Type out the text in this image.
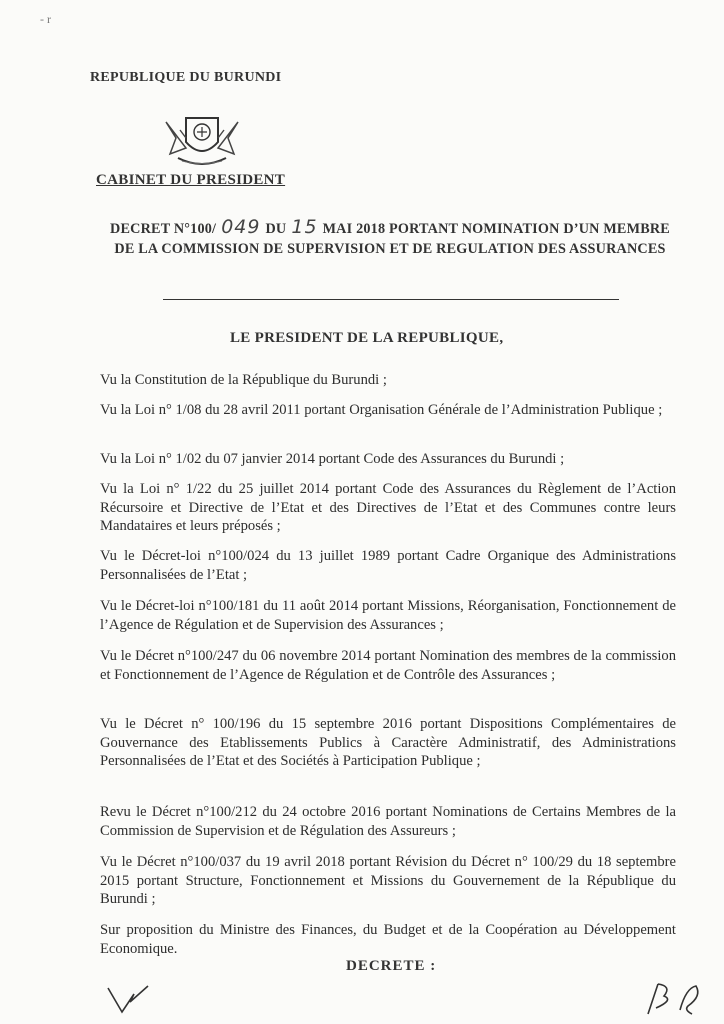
- r
REPUBLIQUE DU BURUNDI
CABINET DU PRESIDENT
DECRET N°100/ 049 DU 15 MAI 2018 PORTANT NOMINATION D’UN MEMBRE DE LA COMMISSION DE SUPERVISION ET DE REGULATION DES ASSURANCES
LE PRESIDENT DE LA REPUBLIQUE,
Vu la Constitution de la République du Burundi ;
Vu la Loi n° 1/08 du 28 avril 2011 portant Organisation Générale de l’Administration Publique ;
Vu la Loi n° 1/02 du 07 janvier 2014 portant Code des Assurances du Burundi ;
Vu la Loi n° 1/22 du 25 juillet 2014 portant Code des Assurances du Règlement de l’Action Récursoire et Directive de l’Etat et des Directives de l’Etat et des Communes contre leurs Mandataires et leurs préposés ;
Vu le Décret-loi n°100/024 du 13 juillet 1989 portant Cadre Organique des Administrations Personnalisées de l’Etat ;
Vu le Décret-loi n°100/181 du 11 août 2014 portant Missions, Réorganisation, Fonctionnement de l’Agence de Régulation et de Supervision des Assurances ;
Vu le Décret n°100/247 du 06 novembre 2014 portant Nomination des membres de la commission et Fonctionnement de l’Agence de Régulation et de Contrôle des Assurances ;
Vu le Décret n° 100/196 du 15 septembre 2016 portant Dispositions Complémentaires de Gouvernance des Etablissements Publics à Caractère Administratif, des Administrations Personnalisées de l’Etat et des Sociétés à Participation Publique ;
Revu le Décret n°100/212 du 24 octobre 2016 portant Nominations de Certains Membres de la Commission de Supervision et de Régulation des Assureurs ;
Vu le Décret n°100/037 du 19 avril 2018 portant Révision du Décret n° 100/29 du 18 septembre 2015 portant Structure, Fonctionnement et Missions du Gouvernement de la République du Burundi ;
Sur proposition du Ministre des Finances, du Budget et de la Coopération au Développement Economique.
DECRETE :
